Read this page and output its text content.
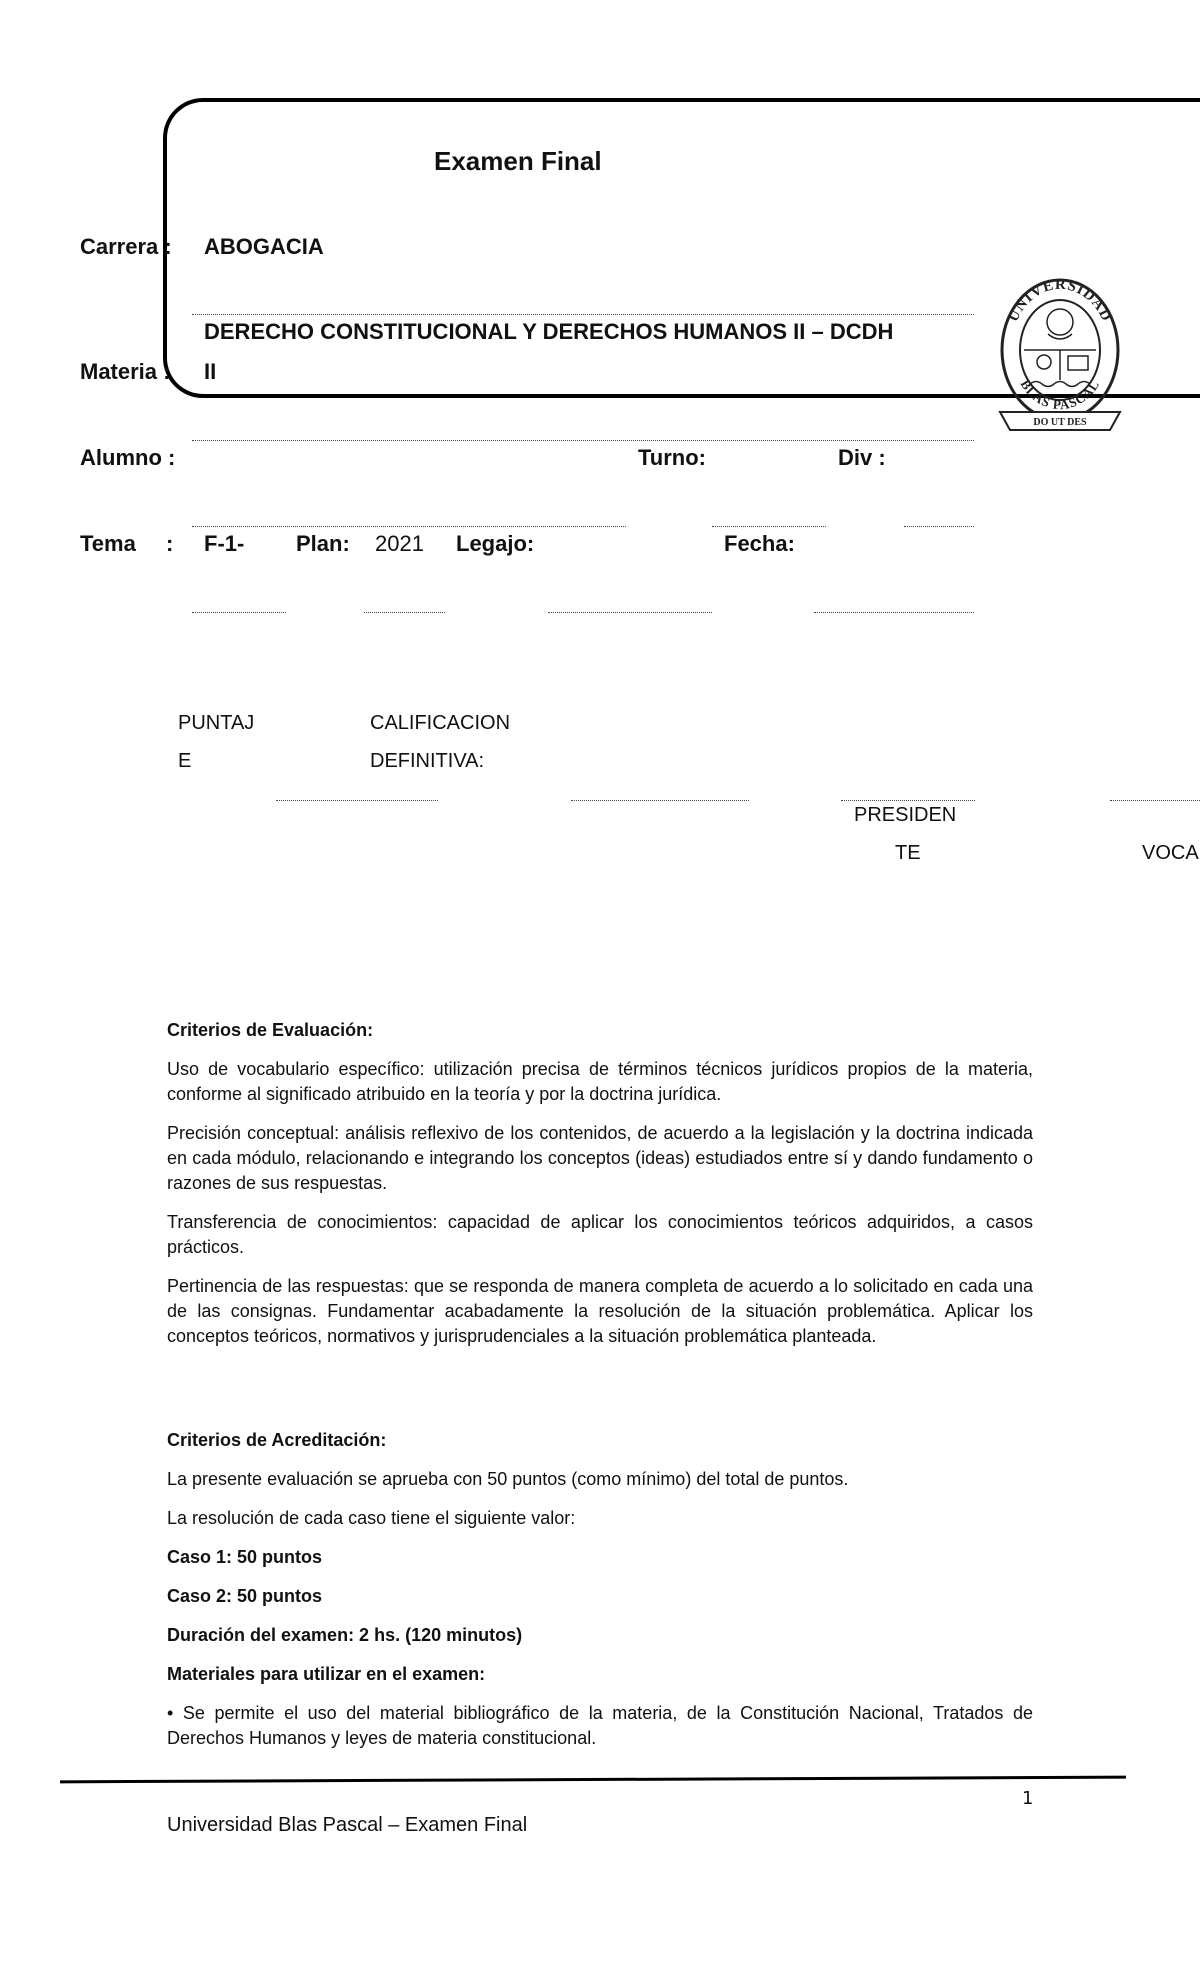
Examen Final
Carrera : ABOGACIA
DERECHO CONSTITUCIONAL Y DERECHOS HUMANOS II – DCDH
Materia : II
Alumno :	Turno:	Div :
Tema : F-1- Plan: 2021 Legajo:	Fecha:
UNIVERSIDAD
BLAS PASCAL
DO UT DES
PUNTAJ
E
CALIFICACION
DEFINITIVA:
PRESIDEN
TE	VOCA
Criterios de Evaluación:

Uso de vocabulario específico: utilización precisa de términos técnicos jurídicos propios de la materia, conforme al significado atribuido en la teoría y por la doctrina jurídica.

Precisión conceptual: análisis reflexivo de los contenidos, de acuerdo a la legislación y la doctrina indicada en cada módulo, relacionando e integrando los conceptos (ideas) estudiados entre sí y dando fundamento o razones de sus respuestas.

Transferencia de conocimientos: capacidad de aplicar los conocimientos teóricos adquiridos, a casos prácticos.

Pertinencia de las respuestas: que se responda de manera completa de acuerdo a lo solicitado en cada una de las consignas. Fundamentar acabadamente la resolución de la situación problemática. Aplicar los conceptos teóricos, normativos y jurisprudenciales a la situación problemática planteada.

Criterios de Acreditación:

La presente evaluación se aprueba con 50 puntos (como mínimo) del total de puntos.

La resolución de cada caso tiene el siguiente valor:

Caso 1: 50 puntos

Caso 2: 50 puntos

Duración del examen: 2 hs. (120 minutos)

Materiales para utilizar en el examen:

• Se permite el uso del material bibliográfico de la materia, de la Constitución Nacional, Tratados de Derechos Humanos y leyes de materia constitucional.

1
Universidad Blas Pascal – Examen Final
